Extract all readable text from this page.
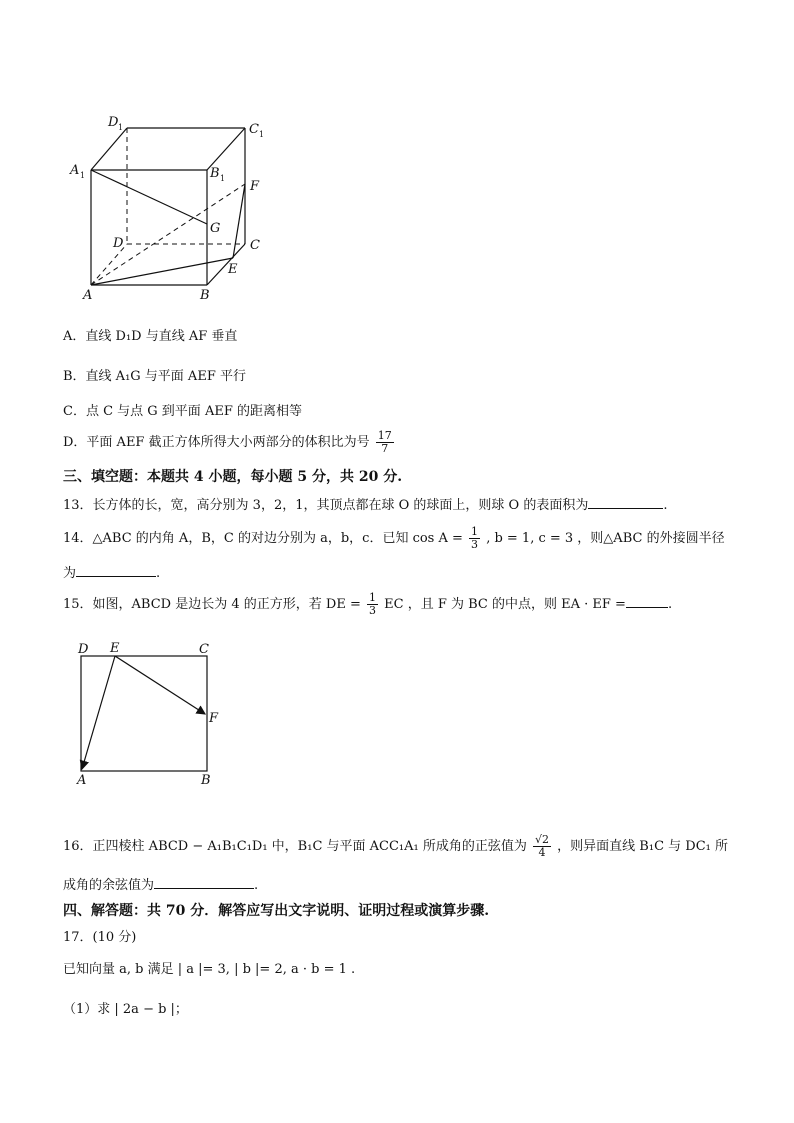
D 1	C 1
A 1	B 1
F
G
D	C
E
A	B
A．直线 D₁D 与直线 AF 垂直
B．直线 A₁G 与平面 AEF 平行
C．点 C 与点 G 到平面 AEF 的距离相等
D．平面 AEF 截正方体所得大小两部分的体积比为号 $\frac{17}{7}$
三、填空题：本题共 4 小题，每小题 5 分，共 20 分.
13．长方体的长，宽，高分别为 3，2，1，其顶点都在球 O 的球面上，则球 O 的表面积为	.
14．△ABC 的内角 A，B，C 的对边分别为 a，b，c．已知 $\cos A = \frac{1}{3}$ , b = 1, c = 3 ，则△ABC 的外接圆半径
为	.
15．如图，ABCD 是边长为 4 的正方形，若 DE = $\frac{1}{3}$ EC ，且 F 为 BC 的中点，则 EA · EF =	.
D E	C
F
A	B
16．正四棱柱 ABCD − A₁B₁C₁D₁ 中，B₁C 与平面 ACC₁A₁ 所成角的正弦值为 $\frac{√2}{4}$ ，则异面直线 B₁C 与 DC₁ 所
成角的余弦值为	.
四、解答题：共 70 分．解答应写出文字说明、证明过程或演算步骤.
17．(10 分)
已知向量 a, b 满足 | a |= 3, | b |= 2, a · b = 1 .
（1）求 | 2a − b |；
